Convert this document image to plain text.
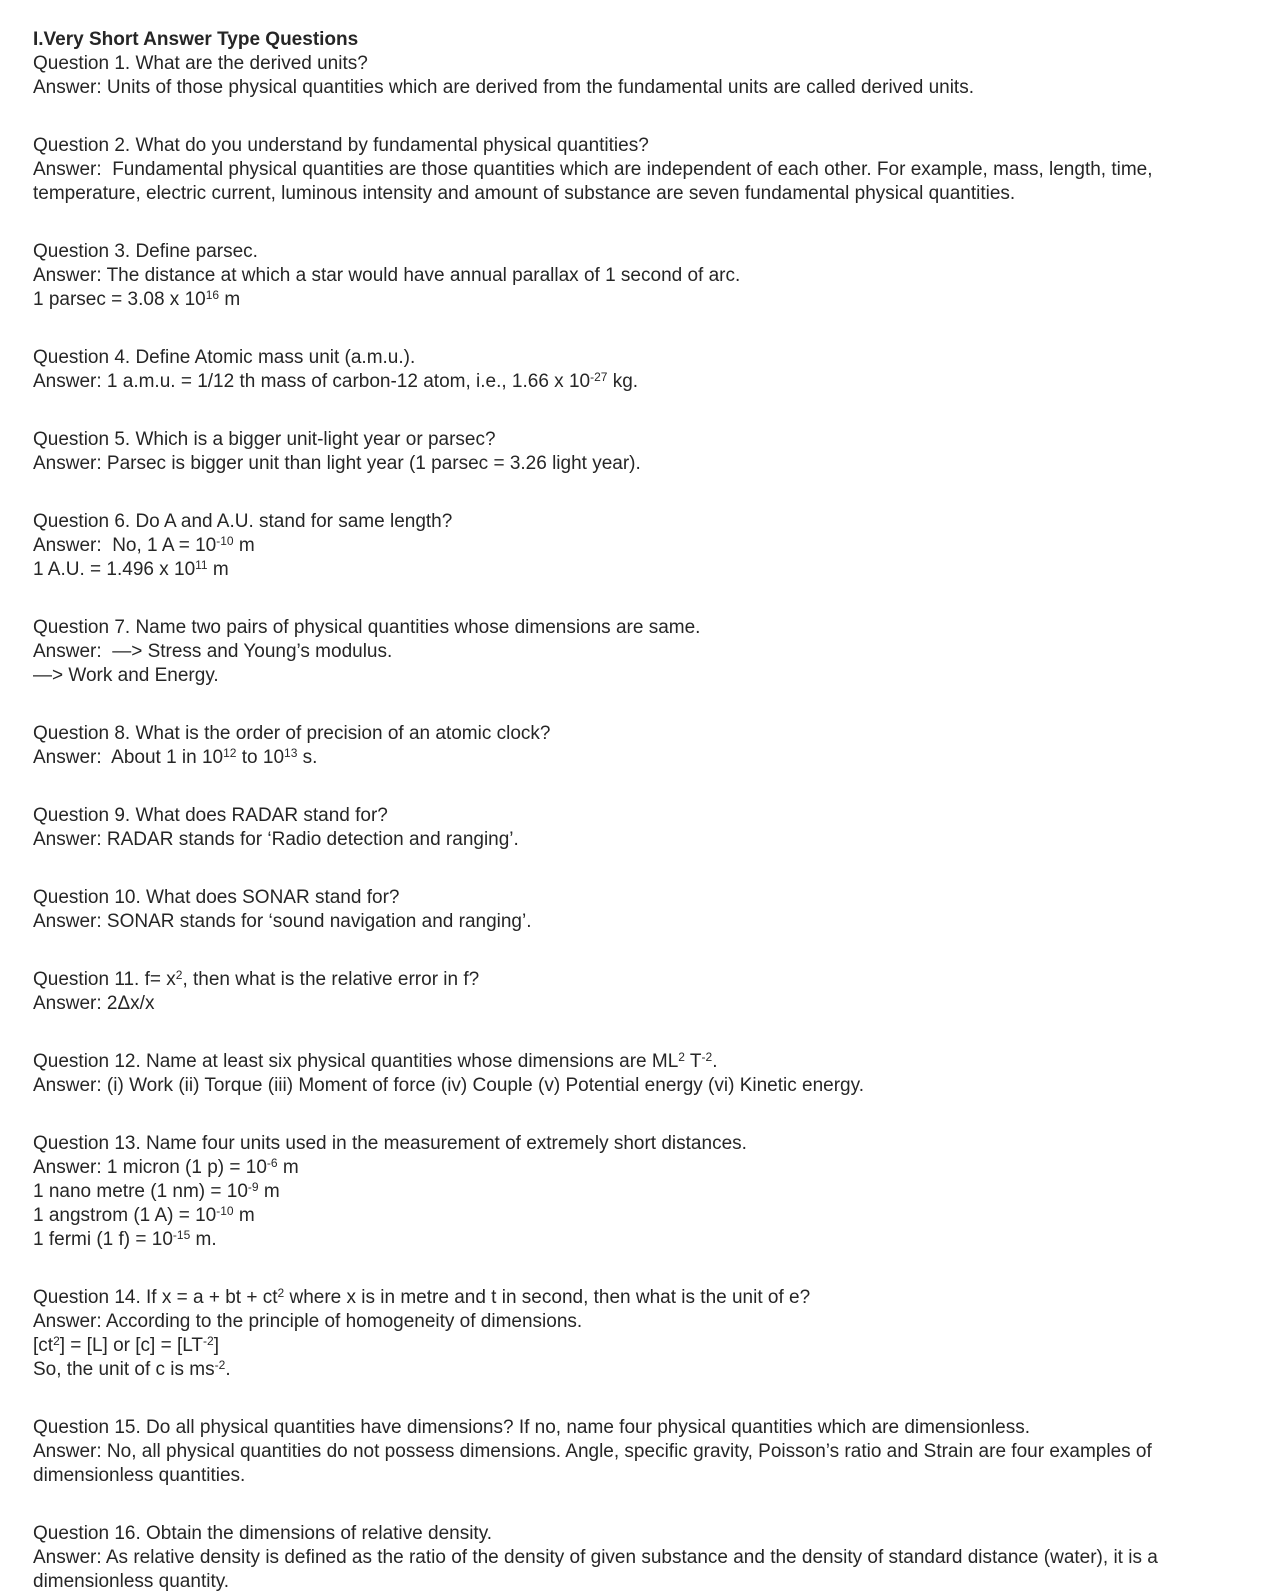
I.Very Short Answer Type Questions
Question 1. What are the derived units?
Answer: Units of those physical quantities which are derived from the fundamental units are called derived units.
Question 2. What do you understand by fundamental physical quantities?
Answer:  Fundamental physical quantities are those quantities which are independent of each other. For example, mass, length, time,
temperature, electric current, luminous intensity and amount of substance are seven fundamental physical quantities.
Question 3. Define parsec.
Answer: The distance at which a star would have annual parallax of 1 second of arc.
1 parsec = 3.08 x $10^{16}$ m
Question 4. Define Atomic mass unit (a.m.u.).
Answer: 1 a.m.u. = 1/12 th mass of carbon-12 atom, i.e., 1.66 x $10^{-27}$ kg.
Question 5. Which is a bigger unit-light year or parsec?
Answer: Parsec is bigger unit than light year (1 parsec = 3.26 light year).
Question 6. Do A and A.U. stand for same length?
Answer:  No, 1 $A = 10^{-10}$ m
1 A.U. = 1.496 x $10^{11}$ m
Question 7. Name two pairs of physical quantities whose dimensions are same.
Answer:  —> Stress and Young’s modulus.
—> Work and Energy.
Question 8. What is the order of precision of an atomic clock?
Answer:  About 1 in $10^{12}$ to $10^{13}$ s.
Question 9. What does RADAR stand for?
Answer: RADAR stands for ‘Radio detection and ranging’.
Question 10. What does SONAR stand for?
Answer: SONAR stands for ‘sound navigation and ranging’.
Question 11. $f= x^2$, then what is the relative error in f?
Answer: 2Δx/x
Question 12. Name at least six physical quantities whose dimensions are $ML^2$ $T^{-2}$.
Answer: (i) Work (ii) Torque (iii) Moment of force (iv) Couple (v) Potential energy (vi) Kinetic energy.
Question 13. Name four units used in the measurement of extremely short distances.
Answer: 1 micron (1 $p) = 10^{-6}$ m
1 nano metre (1 $nm) = 10^{-9}$ m
1 angstrom (1 $A) = 10^{-10}$ m
1 fermi (1 $f) = 10^{-15}$ m.
Question 14. If x = a + bt + $ct^2$ where x is in metre and t in second, then what is the unit of e?
Answer: According to the principle of homogeneity of dimensions.
$[ct^2] = [L]$ or $[c] = [LT^{-2}]$
So, the unit of c is $ms^{-2}$.
Question 15. Do all physical quantities have dimensions? If no, name four physical quantities which are dimensionless.
Answer: No, all physical quantities do not possess dimensions. Angle, specific gravity, Poisson’s ratio and Strain are four examples of
dimensionless quantities.
Question 16. Obtain the dimensions of relative density.
Answer: As relative density is defined as the ratio of the density of given substance and the density of standard distance (water), it is a
dimensionless quantity.
